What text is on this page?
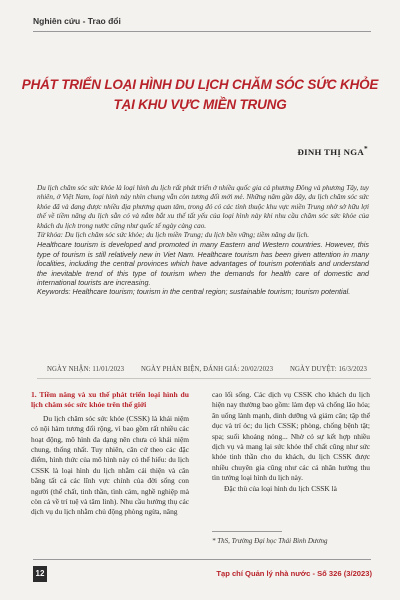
Nghiên cứu - Trao đổi
PHÁT TRIỂN LOẠI HÌNH DU LỊCH CHĂM SÓC SỨC KHỎE
TẠI KHU VỰC MIỀN TRUNG
ĐINH THỊ NGA*

Du lịch chăm sóc sức khỏe là loại hình du lịch rất phát triển ở nhiều quốc gia cả phương Đông và phương Tây, tuy nhiên, ở Việt Nam, loại hình này nhìn chung vẫn còn tương đối mới mẻ. Những năm gần đây, du lịch chăm sóc sức khỏe đã và đang được nhiều địa phương quan tâm, trong đó có các tỉnh thuộc khu vực miền Trung nhờ sở hữu lợi thế về tiềm năng du lịch sẵn có và nắm bắt xu thế tất yếu của loại hình này khi nhu cầu chăm sóc sức khỏe của khách du lịch trong nước cũng như quốc tế ngày càng cao.

Từ khóa: Du lịch chăm sóc sức khỏe; du lịch miền Trung; du lịch bền vững; tiềm năng du lịch.

Healthcare tourism is developed and promoted in many Eastern and Western countries. However, this type of tourism is still relatively new in Viet Nam. Healthcare tourism has been given attention in many localities, including the central provinces which have advantages of tourism potentials and understand the inevitable trend of this type of tourism when the demands for health care of domestic and international tourists are increasing.

Keywords: Healthcare tourism; tourism in the central region; sustainable tourism; tourism potential.

NGÀY NHẬN: 11/01/2023 NGÀY PHẢN BIỆN, ĐÁNH GIÁ: 20/02/2023 NGÀY DUYỆT: 16/3/2023

1. Tiềm năng và xu thế phát triển loại hình du lịch chăm sóc sức khỏe trên thế giới

Du lịch chăm sóc sức khỏe (CSSK) là khái niệm có nội hàm tương đối rộng, vì bao gồm rất nhiều các hoạt động, mô hình đa dạng nên chưa có khái niệm chung, thống nhất. Tuy nhiên, căn cứ theo các đặc điểm, hình thức của mô hình này có thể hiểu: du lịch CSSK là loại hình du lịch nhằm cải thiện và cân bằng tất cả các lĩnh vực chính của đời sống con người (thể chất, tinh thần, tình cảm, nghề nghiệp mà còn cả về trí tuệ và tâm linh). Nhu cầu hướng thụ các dịch vụ du lịch nhằm chủ động phòng ngừa, nâng

cao lối sống. Các dịch vụ CSSK cho khách du lịch hiện nay thường bao gồm: làm đẹp và chống lão hóa; ăn uống lành mạnh, dinh dưỡng và giảm cân; tập thể dục và trí óc; du lịch CSSK; phòng, chống bệnh tật; spa; suối khoáng nóng... Nhờ có sự kết hợp nhiều dịch vụ và mang lại sức khỏe thể chất cũng như sức khỏe tinh thần cho du khách, du lịch CSSK được nhiều chuyên gia cũng như các cá nhân hướng thu tìn tưởng loại hình du lịch này.

Đặc thù của loại hình du lịch CSSK là

* ThS, Trường Đại học Thái Bình Dương
12	Tạp chí Quản lý nhà nước - Số 326 (3/2023)
